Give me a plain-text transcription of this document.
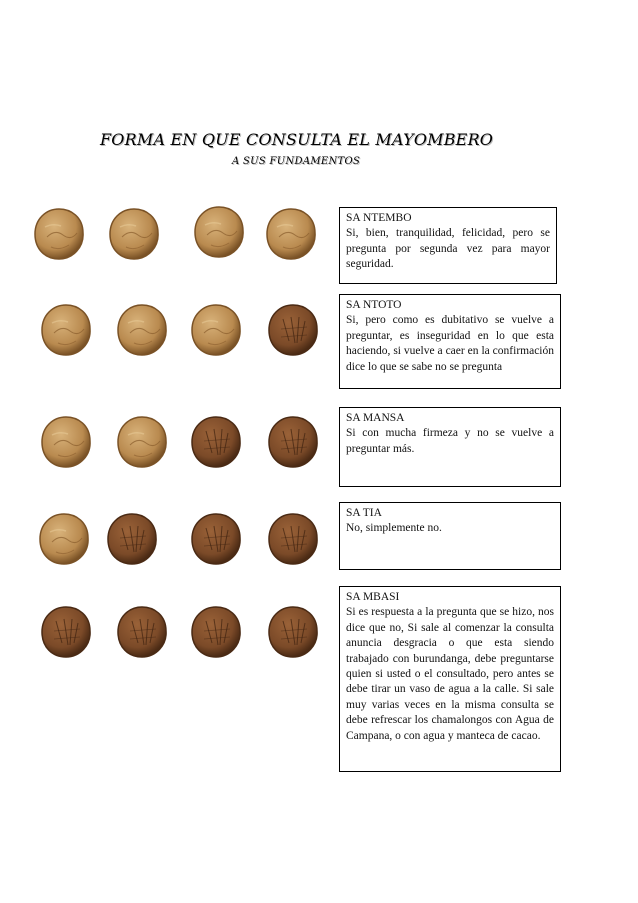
FORMA EN QUE CONSULTA EL MAYOMBERO
A SUS FUNDAMENTOS
SA NTEMBO
Si, bien, tranquilidad, felicidad, pero se pregunta por segunda vez para mayor seguridad.
SA NTOTO
Si, pero como es dubitativo se vuelve a preguntar, es inseguridad en lo que esta haciendo, si vuelve a caer en la confirmación dice lo que se sabe no se pregunta
SA MANSA
Si con mucha firmeza y no se vuelve a preguntar más.
SA TIA
No, simplemente no.
SA MBASI
Si es respuesta a la pregunta que se hizo, nos dice que no, Si sale al comenzar la consulta anuncia desgracia o que esta siendo trabajado con burundanga, debe preguntarse quien si usted o el consultado, pero antes se debe tirar un vaso de agua a la calle. Si sale muy varias veces en la misma consulta se debe refrescar los chamalongos con Agua de Campana, o con agua y manteca de cacao.
